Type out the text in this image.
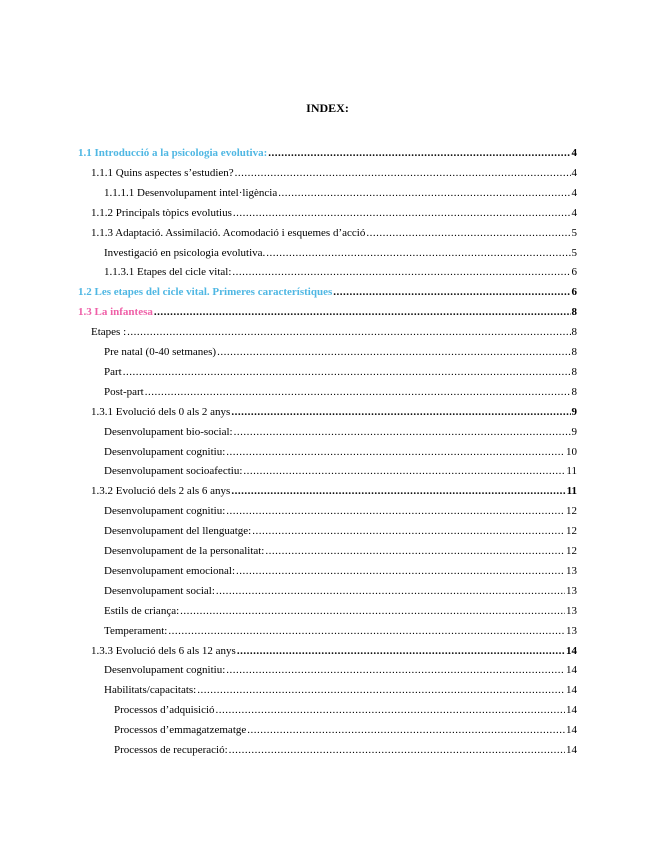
INDEX:
1.1 Introducció a la psicologia evolutiva: .....	4
1.1.1 Quins aspectes s’estudien? .....	4
1.1.1.1 Desenvolupament intel·ligència .....	4
1.1.2 Principals tòpics evolutius .....	4
1.1.3 Adaptació. Assimilació. Acomodació i esquemes d’acció .....	5
Investigació en psicologia evolutiva. .....	5
1.1.3.1 Etapes del cicle vital: .....	6
1.2 Les etapes del cicle vital. Primeres característiques .....	6
1.3 La infantesa .....	8
Etapes : .....	8
Pre natal (0-40 setmanes) .....	8
Part .....	8
Post-part .....	8
1.3.1 Evolució dels 0 als 2 anys .....	9
Desenvolupament bio-social: .....	9
Desenvolupament cognitiu: .....	10
Desenvolupament socioafectiu: .....	11
1.3.2 Evolució dels 2 als 6 anys .....	11
Desenvolupament cognitiu: .....	12
Desenvolupament del llenguatge: .....	12
Desenvolupament de la personalitat: .....	12
Desenvolupament emocional: .....	13
Desenvolupament social: .....	13
Estils de criança: .....	13
Temperament: .....	13
1.3.3 Evolució dels 6 als 12 anys .....	14
Desenvolupament cognitiu: .....	14
Habilitats/capacitats: .....	14
Processos d’adquisició .....	14
Processos d’emmagatzematge .....	14
Processos de recuperació: .....	14
